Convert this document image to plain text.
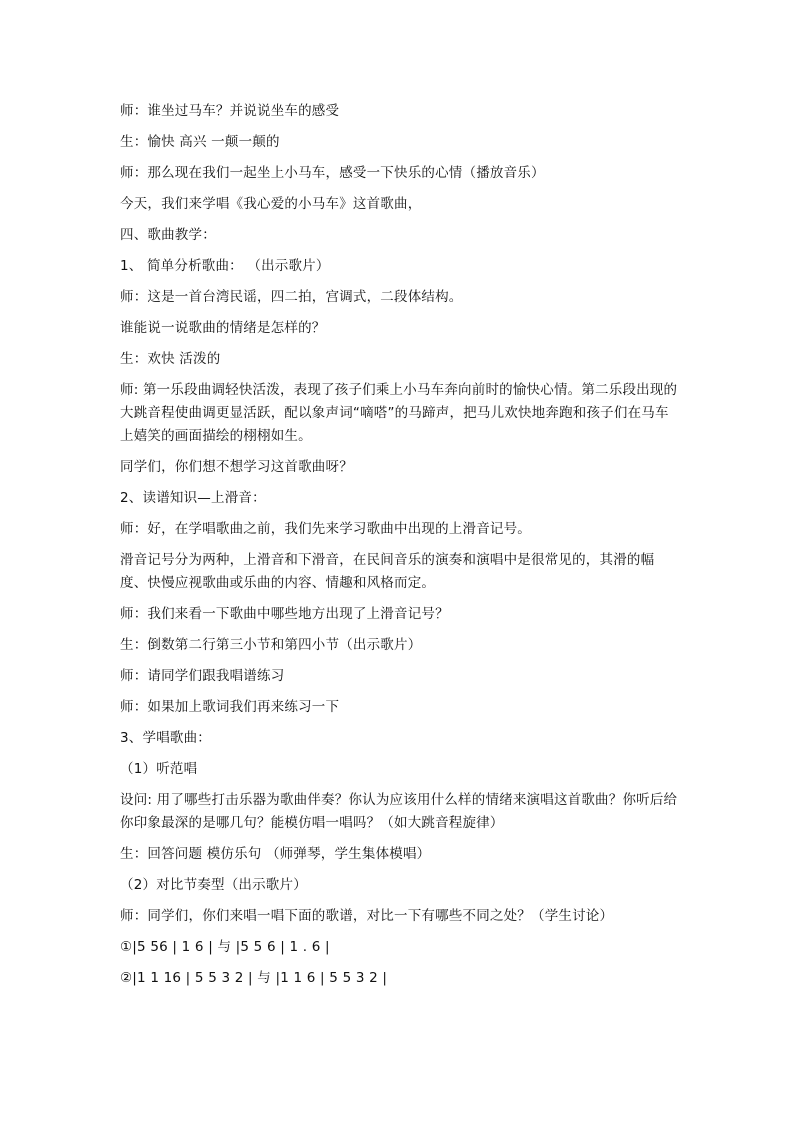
师：谁坐过马车？并说说坐车的感受

生：愉快 高兴 一颠一颠的

师：那么现在我们一起坐上小马车，感受一下快乐的心情（播放音乐）

今天，我们来学唱《我心爱的小马车》这首歌曲，

四、歌曲教学：

1、 简单分析歌曲： （出示歌片）

师：这是一首台湾民谣，四二拍，宫调式，二段体结构。

谁能说一说歌曲的情绪是怎样的？

生：欢快 活泼的

师: 第一乐段曲调轻快活泼，表现了孩子们乘上小马车奔向前时的愉快心情。第二乐段出现的大跳音程使曲调更显活跃，配以象声词“嘀嗒”的马蹄声，把马儿欢快地奔跑和孩子们在马车上嬉笑的画面描绘的栩栩如生。

同学们，你们想不想学习这首歌曲呀？

2、读谱知识—上滑音：

师：好，在学唱歌曲之前，我们先来学习歌曲中出现的上滑音记号。

滑音记号分为两种，上滑音和下滑音，在民间音乐的演奏和演唱中是很常见的，其滑的幅度、快慢应视歌曲或乐曲的内容、情趣和风格而定。

师：我们来看一下歌曲中哪些地方出现了上滑音记号？

生：倒数第二行第三小节和第四小节（出示歌片）

师：请同学们跟我唱谱练习

师：如果加上歌词我们再来练习一下

3、学唱歌曲：

（1）听范唱

设问: 用了哪些打击乐器为歌曲伴奏？你认为应该用什么样的情绪来演唱这首歌曲？你听后给你印象最深的是哪几句？能模仿唱一唱吗？（如大跳音程旋律）

生：回答问题 模仿乐句 （师弹琴，学生集体模唱）

（2）对比节奏型（出示歌片）

师：同学们，你们来唱一唱下面的歌谱，对比一下有哪些不同之处？（学生讨论）

①|5 56 | 1 6 | 与 |5 5 6 | 1 . 6 |

②|1 1 16 | 5 5 3 2 | 与 |1 1 6 | 5 5 3 2 |
